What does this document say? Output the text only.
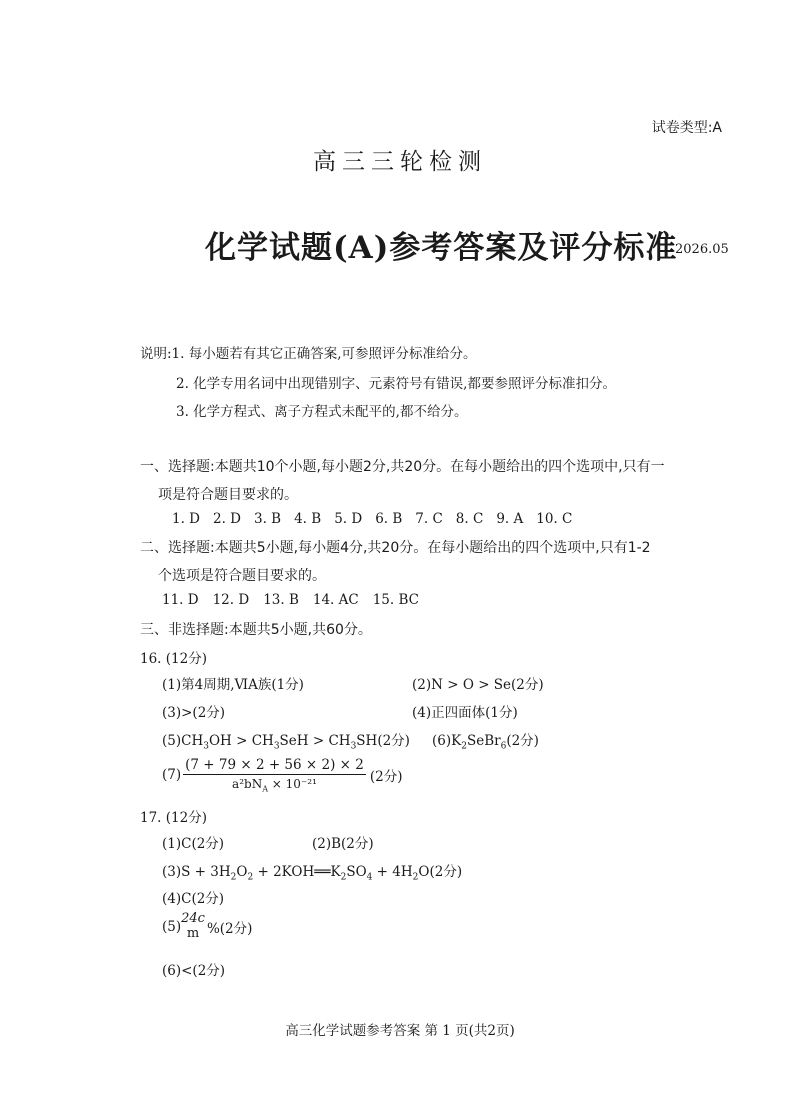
试卷类型:A
高三三轮检测
化学试题(A)参考答案及评分标准
2026.05
说明:1. 每小题若有其它正确答案,可参照评分标准给分。
2. 化学专用名词中出现错别字、元素符号有错误,都要参照评分标准扣分。
3. 化学方程式、离子方程式未配平的,都不给分。
一、选择题:本题共10个小题,每小题2分,共20分。在每小题给出的四个选项中,只有一
项是符合题目要求的。
1. D 2. D 3. B 4. B 5. D 6. B 7. C 8. C 9. A 10. C
二、选择题:本题共5小题,每小题4分,共20分。在每小题给出的四个选项中,只有1-2
个选项是符合题目要求的。
11. D 12. D 13. B 14. AC 15. BC
三、非选择题:本题共5小题,共60分。
16. (12分)
(1)第4周期,ⅥA族(1分)	(2)N > O > Se(2分)
(3)>(2分)	(4)正四面体(1分)
$(5)CH_3OH > CH_3SeH > CH_3SH(2$分) $(6)K_2SeBr_6(2$分)
$(7) \frac{(7 + 79 \times 2 + 56 \times 2) \times 2}{a^2bN_A \times 10^{-21}} (2$分)
17. (12分)
(1)C(2分)	(2)B(2分)
$(3)S + 3H_2O_2$ + $2KOH══K_2SO_4 + 4H_2O(2$分)
(4)C(2分)
(5)
24c
m %(2分)
(6)<(2分)
高三化学试题参考答案 第 1 页(共2页)
